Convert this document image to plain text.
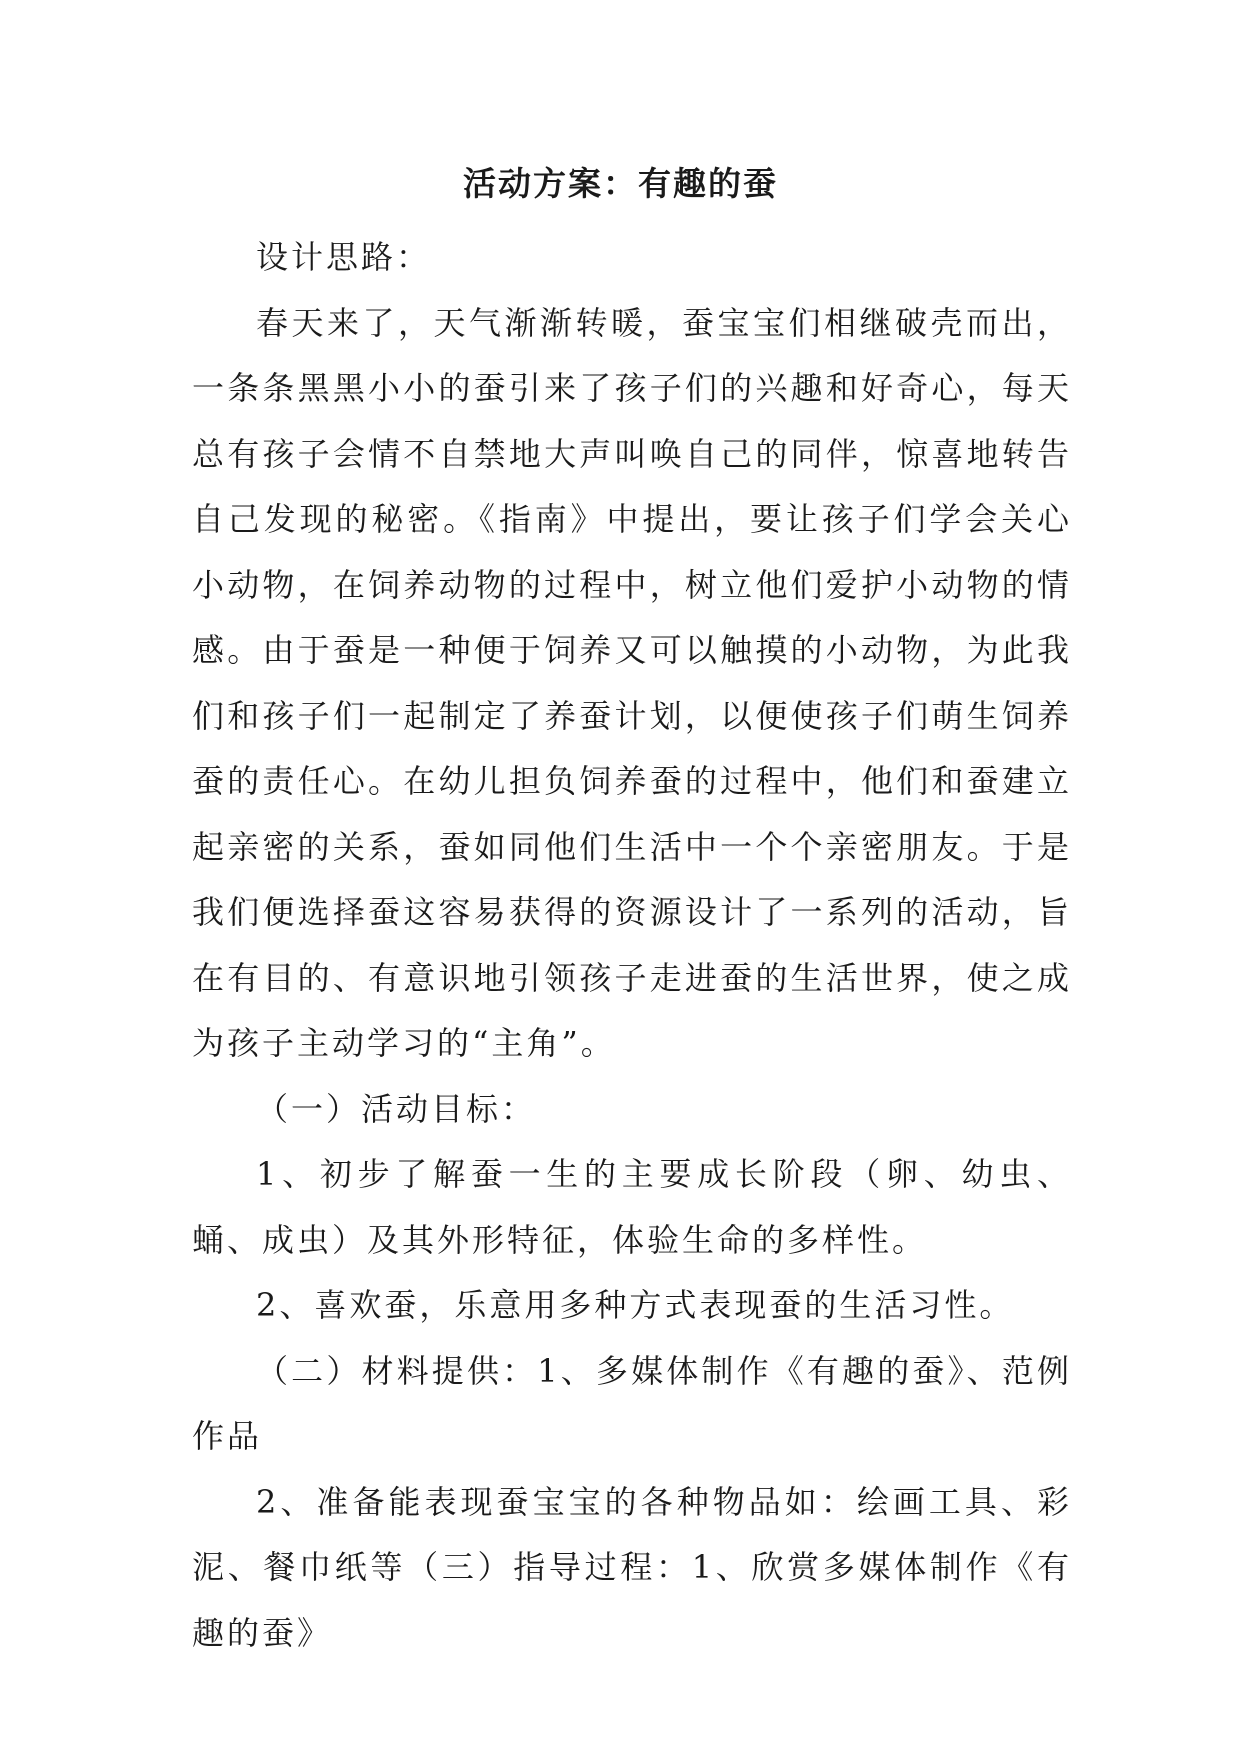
活动方案：有趣的蚕

设计思路：

春天来了，天气渐渐转暖，蚕宝宝们相继破壳而出，一条条黑黑小小的蚕引来了孩子们的兴趣和好奇心，每天总有孩子会情不自禁地大声叫唤自己的同伴，惊喜地转告自己发现的秘密。《指南》中提出，要让孩子们学会关心小动物，在饲养动物的过程中，树立他们爱护小动物的情感。由于蚕是一种便于饲养又可以触摸的小动物，为此我们和孩子们一起制定了养蚕计划，以便使孩子们萌生饲养蚕的责任心。在幼儿担负饲养蚕的过程中，他们和蚕建立起亲密的关系，蚕如同他们生活中一个个亲密朋友。于是我们便选择蚕这容易获得的资源设计了一系列的活动，旨在有目的、有意识地引领孩子走进蚕的生活世界，使之成为孩子主动学习的“主角”。

（一）活动目标：

1、初步了解蚕一生的主要成长阶段（卵、幼虫、蛹、成虫）及其外形特征，体验生命的多样性。

2、喜欢蚕，乐意用多种方式表现蚕的生活习性。

（二）材料提供：1、多媒体制作《有趣的蚕》、范例作品

2、准备能表现蚕宝宝的各种物品如：绘画工具、彩泥、餐巾纸等（三）指导过程：1、欣赏多媒体制作《有趣的蚕》
